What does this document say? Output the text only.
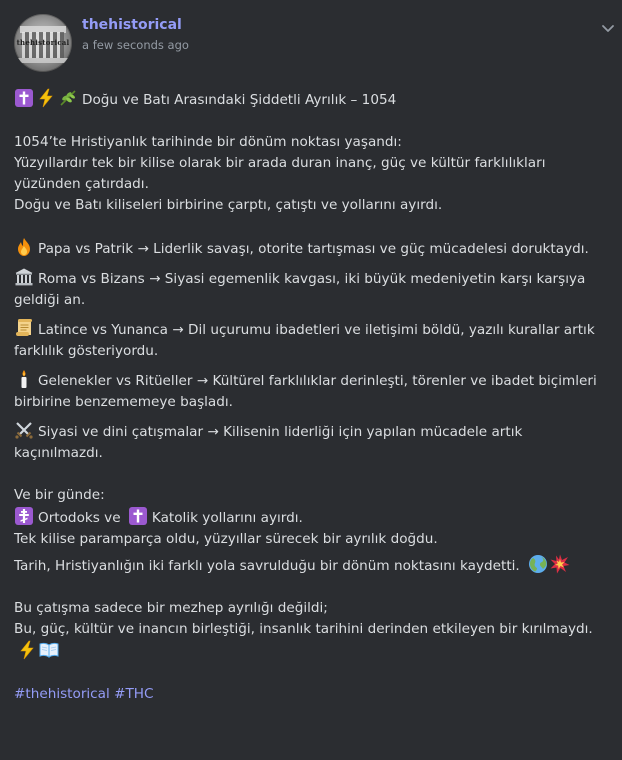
thehistorical
thehistorical
a few seconds ago
Doğu ve Batı Arasındaki Şiddetli Ayrılık – 1054
1054’te Hristiyanlık tarihinde bir dönüm noktası yaşandı:
Yüzyıllardır tek bir kilise olarak bir arada duran inanç, güç ve kültür farklılıkları yüzünden çatırdadı.
Doğu ve Batı kiliseleri birbirine çarptı, çatıştı ve yollarını ayırdı.
Papa vs Patrik → Liderlik savaşı, otorite tartışması ve güç mücadelesi doruktaydı.
Roma vs Bizans → Siyasi egemenlik kavgası, iki büyük medeniyetin karşı karşıya geldiği an.
Latince vs Yunanca → Dil uçurumu ibadetleri ve iletişimi böldü, yazılı kurallar artık farklılık gösteriyordu.
Gelenekler vs Ritüeller → Kültürel farklılıklar derinleşti, törenler ve ibadet biçimleri birbirine benzememeye başladı.
Siyasi ve dini çatışmalar → Kilisenin liderliği için yapılan mücadele artık kaçınılmazdı.
Ve bir günde:
Ortodoks ve Katolik yollarını ayırdı.
Tek kilise paramparça oldu, yüzyıllar sürecek bir ayrılık doğdu.
Tarih, Hristiyanlığın iki farklı yola savrulduğu bir dönüm noktasını kaydetti.
Bu çatışma sadece bir mezhep ayrılığı değildi;
Bu, güç, kültür ve inancın birleştiği, insanlık tarihini derinden etkileyen bir kırılmaydı.
#thehistorical #THC
